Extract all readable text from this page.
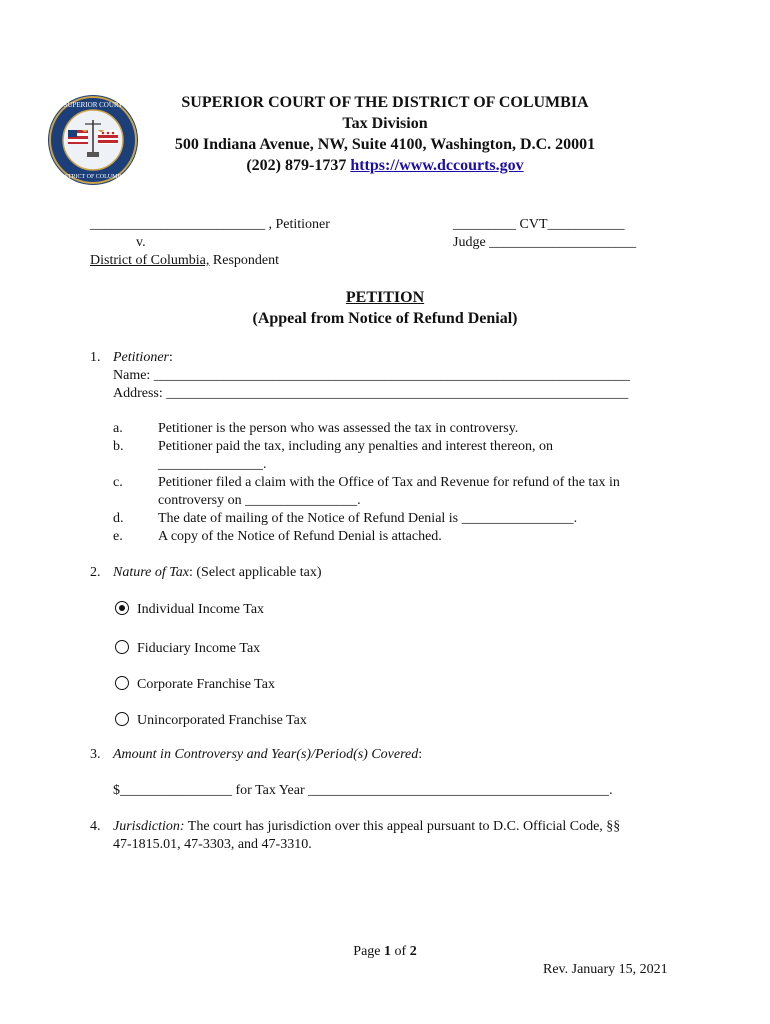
SUPERIOR COURT
DISTRICT OF COLUMBIA
SUPERIOR COURT OF THE DISTRICT OF COLUMBIA
Tax Division
500 Indiana Avenue, NW, Suite 4100, Washington, D.C. 20001
(202) 879-1737 https://www.dccourts.gov
_________________________ , Petitioner
v.
District of Columbia, Respondent
_________ CVT___________
Judge _____________________
PETITION
(Appeal from Notice of Refund Denial)
1. Petitioner:
Name: ____________________________________________________________________
Address: __________________________________________________________________
a.	Petitioner is the person who was assessed the tax in controversy.
b. Petitioner paid the tax, including any penalties and interest thereon, on
_______________.
c.	Petitioner filed a claim with the Office of Tax and Revenue for refund of the tax in
controversy on ________________.
d. The date of mailing of the Notice of Refund Denial is ________________.
e.	A copy of the Notice of Refund Denial is attached.
2. Nature of Tax: (Select applicable tax)
Individual Income Tax
Fiduciary Income Tax
Corporate Franchise Tax
Unincorporated Franchise Tax
3. Amount in Controversy and Year(s)/Period(s) Covered:
$________________ for Tax Year ___________________________________________.
4. Jurisdiction: The court has jurisdiction over this appeal pursuant to D.C. Official Code, §§
47-1815.01, 47-3303, and 47-3310.
Page 1 of 2
Rev. January 15, 2021
